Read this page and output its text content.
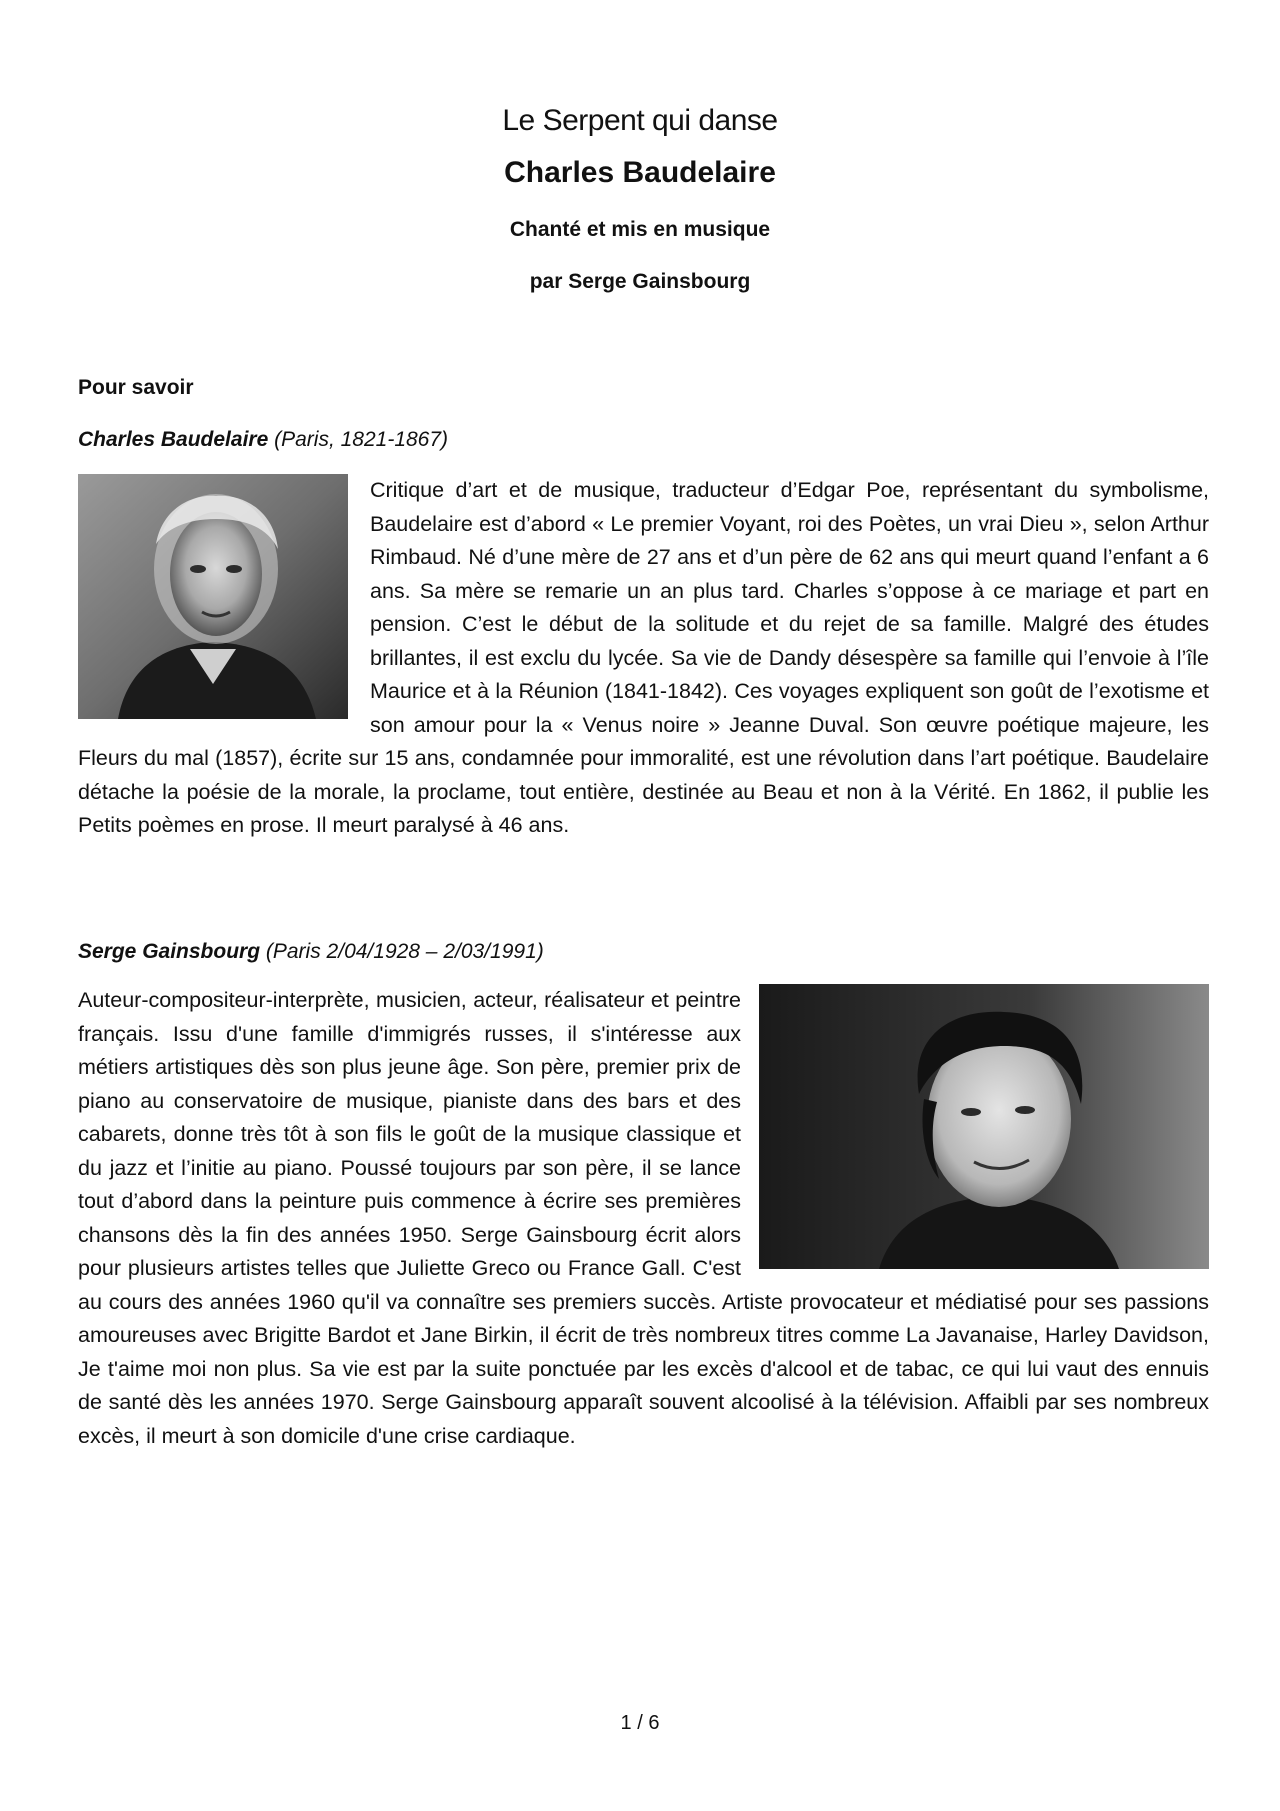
Le Serpent qui danse
Charles Baudelaire

Chanté et mis en musique

par Serge Gainsbourg

Pour savoir
Charles Baudelaire (Paris, 1821-1867)
Critique d’art et de musique, traducteur d’Edgar Poe, représentant du symbolisme, Baudelaire est d’abord « Le premier Voyant, roi des Poètes, un vrai Dieu », selon Arthur Rimbaud. Né d’une mère de 27 ans et d’un père de 62 ans qui meurt quand l’enfant a 6 ans. Sa mère se remarie un an plus tard. Charles s’oppose à ce mariage et part en pension. C’est le début de la solitude et du rejet de sa famille. Malgré des études brillantes, il est exclu du lycée. Sa vie de Dandy désespère sa famille qui l’envoie à l’île Maurice et à la Réunion (1841-1842). Ces voyages expliquent son goût de l’exotisme et son amour pour la « Venus noire » Jeanne Duval. Son œuvre poétique majeure, les Fleurs du mal (1857), écrite sur 15 ans, condamnée pour immoralité, est une révolution dans l’art poétique. Baudelaire détache la poésie de la morale, la proclame, tout entière, destinée au Beau et non à la Vérité. En 1862, il publie les Petits poèmes en prose. Il meurt paralysé à 46 ans.
Serge Gainsbourg (Paris 2/04/1928 – 2/03/1991)
Auteur-compositeur-interprète, musicien, acteur, réalisateur et peintre français. Issu d'une famille d'immigrés russes, il s'intéresse aux métiers artistiques dès son plus jeune âge. Son père, premier prix de piano au conservatoire de musique, pianiste dans des bars et des cabarets, donne très tôt à son fils le goût de la musique classique et du jazz et l’initie au piano. Poussé toujours par son père, il se lance tout d’abord dans la peinture puis commence à écrire ses premières chansons dès la fin des années 1950. Serge Gainsbourg écrit alors pour plusieurs artistes telles que Juliette Greco ou France Gall. C'est au cours des années 1960 qu'il va connaître ses premiers succès. Artiste provocateur et médiatisé pour ses passions amoureuses avec Brigitte Bardot et Jane Birkin, il écrit de très nombreux titres comme La Javanaise, Harley Davidson, Je t'aime moi non plus. Sa vie est par la suite ponctuée par les excès d'alcool et de tabac, ce qui lui vaut des ennuis de santé dès les années 1970. Serge Gainsbourg apparaît souvent alcoolisé à la télévision. Affaibli par ses nombreux excès, il meurt à son domicile d'une crise cardiaque.
1 / 6
